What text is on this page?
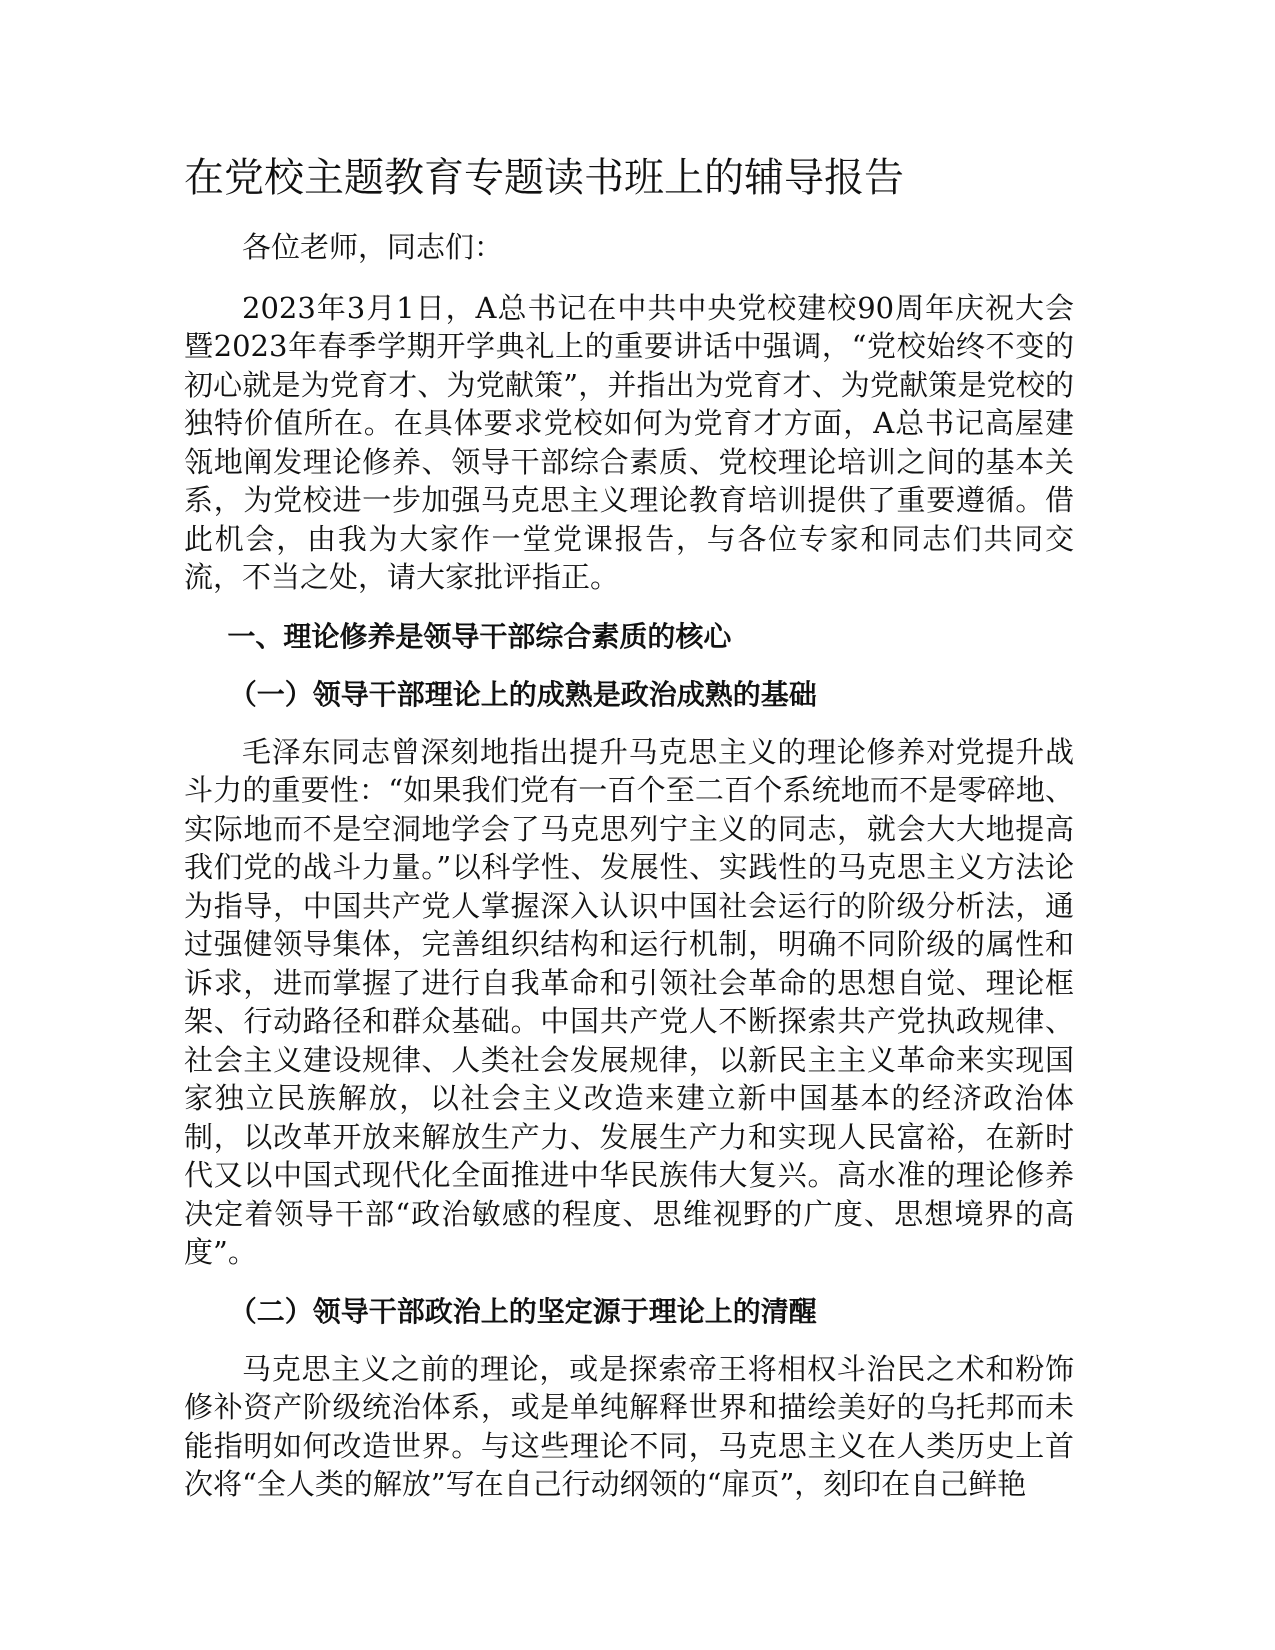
在党校主题教育专题读书班上的辅导报告

各位老师，同志们：

2023年3月1日，A总书记在中共中央党校建校90周年庆祝大会暨2023年春季学期开学典礼上的重要讲话中强调，“党校始终不变的初心就是为党育才、为党献策”，并指出为党育才、为党献策是党校的独特价值所在。在具体要求党校如何为党育才方面，A总书记高屋建瓴地阐发理论修养、领导干部综合素质、党校理论培训之间的基本关系，为党校进一步加强马克思主义理论教育培训提供了重要遵循。借此机会，由我为大家作一堂党课报告，与各位专家和同志们共同交流，不当之处，请大家批评指正。

一、理论修养是领导干部综合素质的核心

（一）领导干部理论上的成熟是政治成熟的基础

毛泽东同志曾深刻地指出提升马克思主义的理论修养对党提升战斗力的重要性：“如果我们党有一百个至二百个系统地而不是零碎地、实际地而不是空洞地学会了马克思列宁主义的同志，就会大大地提高我们党的战斗力量。”以科学性、发展性、实践性的马克思主义方法论为指导，中国共产党人掌握深入认识中国社会运行的阶级分析法，通过强健领导集体，完善组织结构和运行机制，明确不同阶级的属性和诉求，进而掌握了进行自我革命和引领社会革命的思想自觉、理论框架、行动路径和群众基础。中国共产党人不断探索共产党执政规律、社会主义建设规律、人类社会发展规律，以新民主主义革命来实现国家独立民族解放，以社会主义改造来建立新中国基本的经济政治体制，以改革开放来解放生产力、发展生产力和实现人民富裕，在新时代又以中国式现代化全面推进中华民族伟大复兴。高水准的理论修养决定着领导干部“政治敏感的程度、思维视野的广度、思想境界的高度”。

（二）领导干部政治上的坚定源于理论上的清醒

马克思主义之前的理论，或是探索帝王将相权斗治民之术和粉饰修补资产阶级统治体系，或是单纯解释世界和描绘美好的乌托邦而未能指明如何改造世界。与这些理论不同，马克思主义在人类历史上首次将“全人类的解放”写在自己行动纲领的“扉页”，刻印在自己鲜艳
